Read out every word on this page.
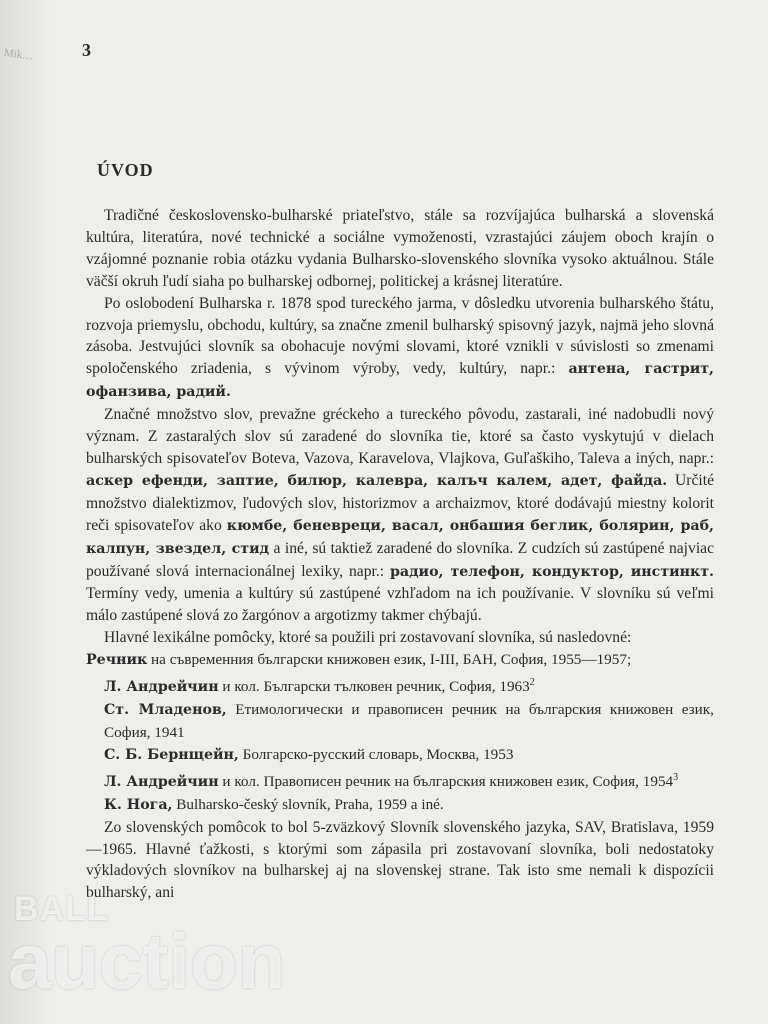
Mik…	3
ÚVOD

Tradičné československo-bulharské priateľstvo, stále sa rozvíjajúca bulharská a slovenská kultúra, literatúra, nové technické a sociálne vymoženosti, vzrastajúci záujem oboch krajín o vzájomné poznanie robia otázku vydania Bulharsko-slovenského slovníka vysoko aktuálnou. Stále väčší okruh ľudí siaha po bulharskej odbornej, politickej a krásnej literatúre.

Po oslobodení Bulharska r. 1878 spod tureckého jarma, v dôsledku utvorenia bulharského štátu, rozvoja priemyslu, obchodu, kultúry, sa značne zmenil bulharský spisovný jazyk, najmä jeho slovná zásoba. Jestvujúci slovník sa obohacuje novými slovami, ktoré vznikli v súvislosti so zmenami spoločenského zriadenia, s vývinom výroby, vedy, kultúry, napr.: антена, гастрит, офанзива, радий.

Značné množstvo slov, prevažne gréckeho a tureckého pôvodu, zastarali, iné nadobudli nový význam. Z zastaralých slov sú zaradené do slovníka tie, ktoré sa často vyskytujú v dielach bulharských spisovateľov Boteva, Vazova, Karavelova, Vlajkova, Guľaškiho, Taleva a iných, napr.: аскер ефенди, заптие, билюр, калевра, калъч калем, адет, файда. Určité množstvo dialektizmov, ľudových slov, historizmov a archaizmov, ktoré dodávajú miestny kolorit reči spisovateľov ako кюмбе, беневреци, васал, онбашия беглик, болярин, раб, калпун, звездел, стид a iné, sú taktiež zaradené do slovníka. Z cudzích sú zastúpené najviac používané slová internacionálnej lexiky, napr.: радио, телефон, кондуктор, инстинкт. Termíny vedy, umenia a kultúry sú zastúpené vzhľadom na ich používanie. V slovníku sú veľmi málo zastúpené slová zo žargónov a argotizmy takmer chýbajú.

Hlavné lexikálne pomôcky, ktoré sa použili pri zostavovaní slovníka, sú nasledovné:

Речник на съвременния български книжовен език, I-III, БАН, София, 1955—1957;

Л. Андрейчин и кол. Български тълковен речник, София, 1963$^2$

Ст. Младенов, Етимологически и правописен речник на българския книжовен език, София, 1941

С. Б. Бернщейн, Болгарско-русский словарь, Москва, 1953

Л. Андрейчин и кол. Правописен речник на българския книжовен език, София, 1954$^3$

К. Нога, Bulharsko-český slovník, Praha, 1959 a iné.

Zo slovenských pomôcok to bol 5-zväzkový Slovník slovenského jazyka, SAV, Bratislava, 1959—1965. Hlavné ťažkosti, s ktorými som zápasila pri zostavovaní slovníka, boli nedostatoky výkladových slovníkov na bulharskej aj na slovenskej strane. Tak isto sme nemali k dispozícii bulharský, ani

BALL
auction
